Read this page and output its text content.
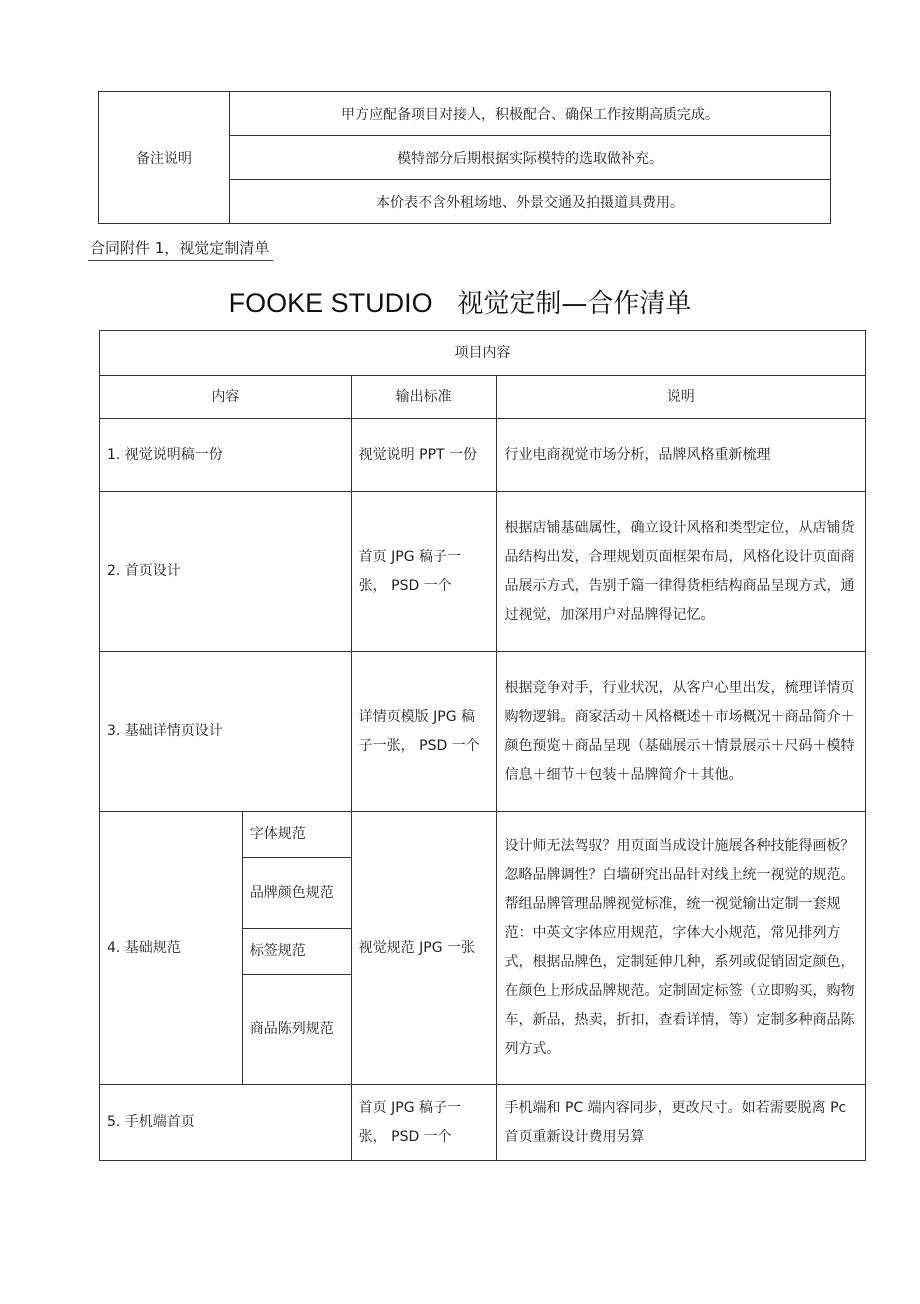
备注说明	甲方应配备项目对接人，积极配合、确保工作按期高质完成。
模特部分后期根据实际模特的选取做补充。
本价表不含外租场地、外景交通及拍摄道具费用。
合同附件 1，视觉定制清单
FOOKE STUDIO 视觉定制—合作清单
项目内容			
内容		输出标准	说明
1. 视觉说明稿一份		视觉说明 PPT 一份	行业电商视觉市场分析，品牌风格重新梳理
2. 首页设计		首页 JPG 稿子一张， PSD 一个	根据店铺基础属性，确立设计风格和类型定位，从店铺货品结构出发，合理规划页面框架布局，风格化设计页面商品展示方式，告别千篇一律得货柜结构商品呈现方式，通过视觉，加深用户对品牌得记忆。
3. 基础详情页设计		详情页模版 JPG 稿子一张， PSD 一个	根据竞争对手，行业状况，从客户心里出发，梳理详情页购物逻辑。商家活动＋风格概述＋市场概况＋商品简介＋颜色预览＋商品呈现（基础展示＋情景展示＋尺码＋模特信息＋细节＋包装＋品牌简介＋其他。
4. 基础规范	字体规范	视觉规范 JPG 一张	设计师无法驾驭？用页面当成设计施展各种技能得画板？忽略品牌调性？白墙研究出品针对线上统一视觉的规范。帮组品牌管理品牌视觉标准，统一视觉输出定制一套规范：中英文字体应用规范，字体大小规范，常见排列方式，根据品牌色，定制延伸几种，系列或促销固定颜色，在颜色上形成品牌规范。定制固定标签（立即购买，购物车，新品，热卖，折扣，查看详情，等）定制多种商品陈列方式。
	品牌颜色规范		
	标签规范		
	商品陈列规范		
5. 手机端首页		首页 JPG 稿子一张， PSD 一个	手机端和 PC 端内容同步，更改尺寸。如若需要脱离 Pc 首页重新设计费用另算
